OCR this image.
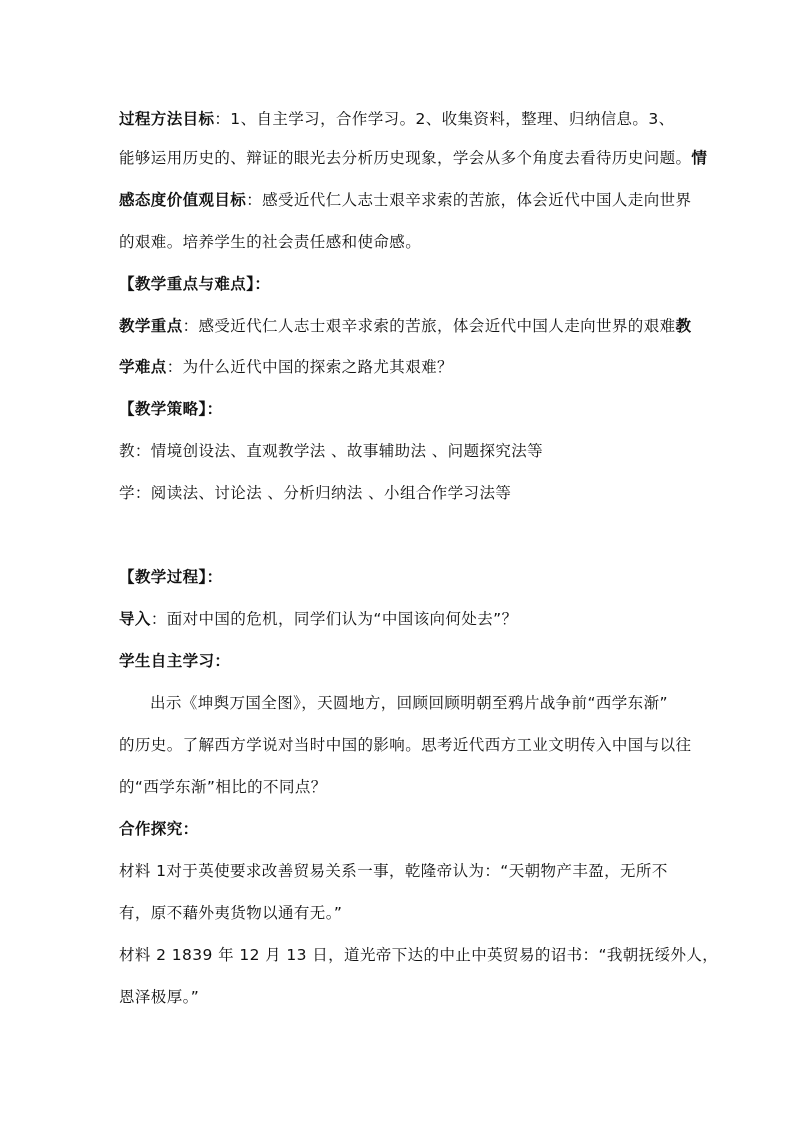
过程方法目标：1、自主学习，合作学习。2、收集资料，整理、归纳信息。3、
能够运用历史的、辩证的眼光去分析历史现象，学会从多个角度去看待历史问题。情
感态度价值观目标：感受近代仁人志士艰辛求索的苦旅，体会近代中国人走向世界
的艰难。培养学生的社会责任感和使命感。
【教学重点与难点】：
教学重点：感受近代仁人志士艰辛求索的苦旅，体会近代中国人走向世界的艰难教
学难点：为什么近代中国的探索之路尤其艰难？
【教学策略】：
教：情境创设法、直观教学法 、故事辅助法 、问题探究法等
学：阅读法、讨论法 、分析归纳法 、小组合作学习法等
【教学过程】：
导入：面对中国的危机，同学们认为“中国该向何处去”？
学生自主学习：
出示《坤舆万国全图》，天圆地方，回顾回顾明朝至鸦片战争前“西学东渐”
的历史。了解西方学说对当时中国的影响。思考近代西方工业文明传入中国与以往
的“西学东渐”相比的不同点？
合作探究：
材料 1对于英使要求改善贸易关系一事，乾隆帝认为：“天朝物产丰盈，无所不
有，原不藉外夷货物以通有无。”
材料 2 1839 年 12 月 13 日，道光帝下达的中止中英贸易的诏书：“我朝抚绥外人，
恩泽极厚。”
